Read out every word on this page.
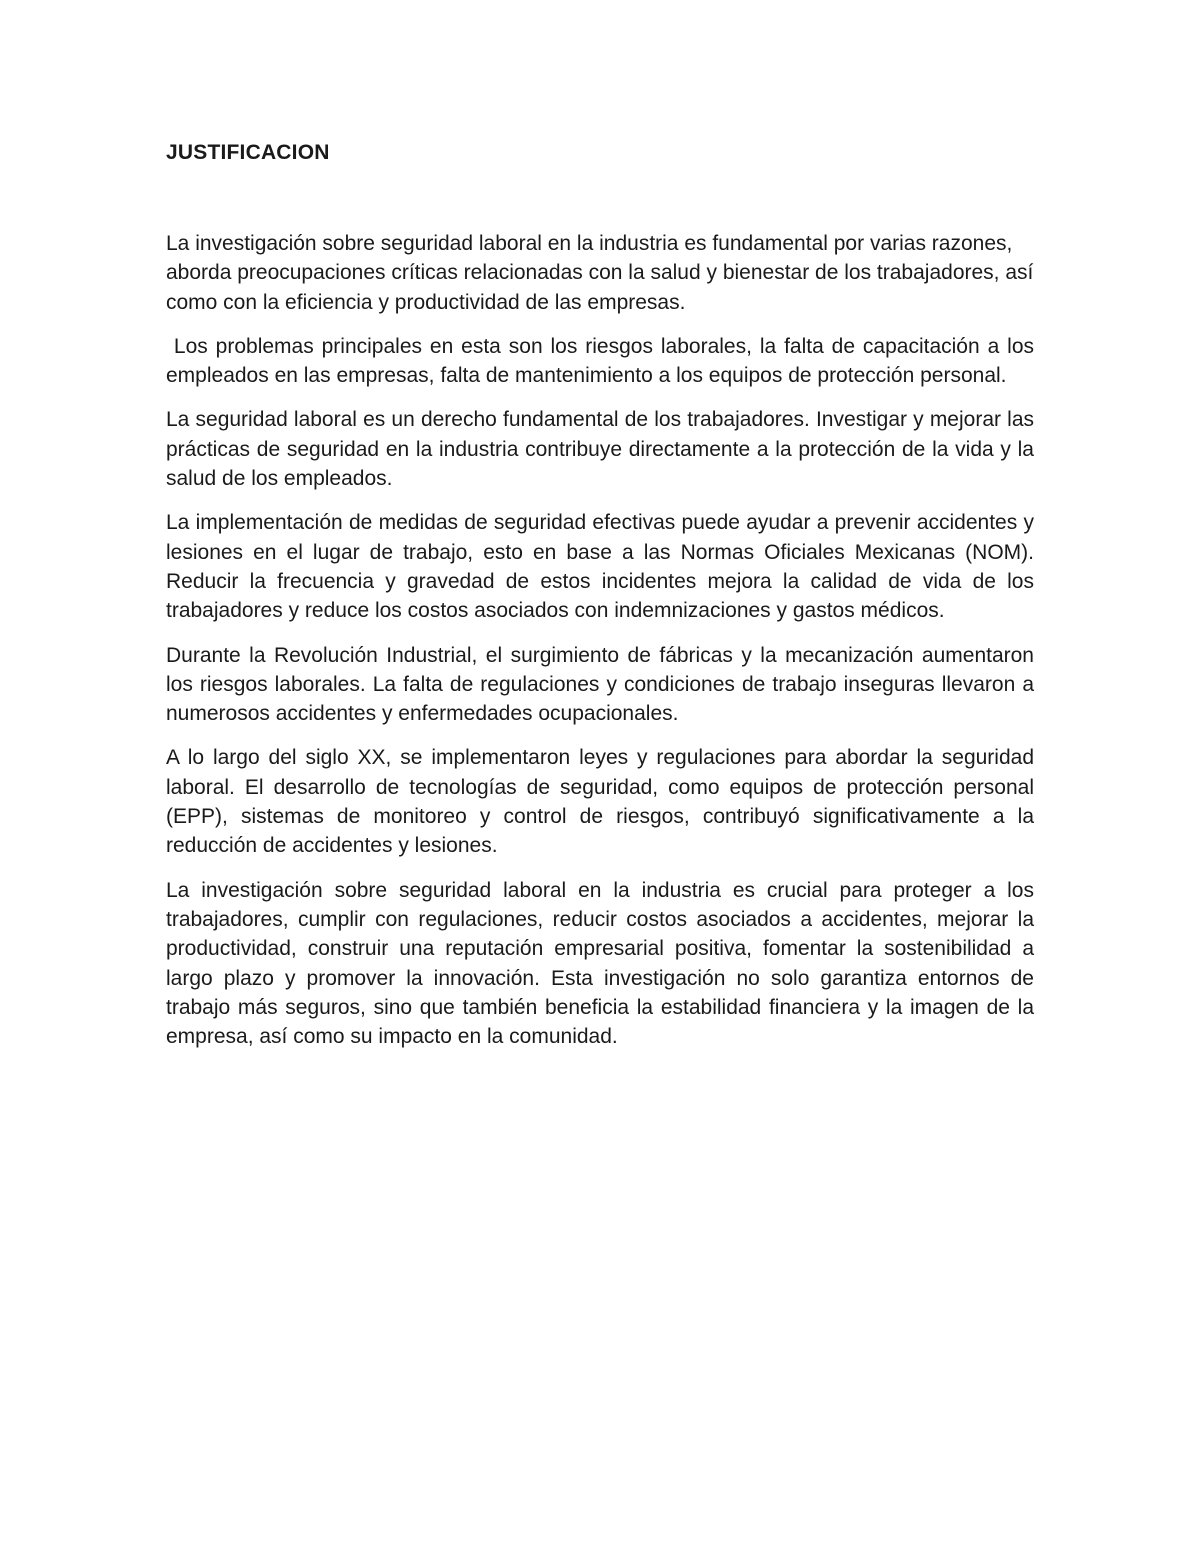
JUSTIFICACION

La investigación sobre seguridad laboral en la industria es fundamental por varias razones, aborda preocupaciones críticas relacionadas con la salud y bienestar de los trabajadores, así como con la eficiencia y productividad de las empresas.

Los problemas principales en esta son los riesgos laborales, la falta de capacitación a los empleados en las empresas, falta de mantenimiento a los equipos de protección personal.

La seguridad laboral es un derecho fundamental de los trabajadores. Investigar y mejorar las prácticas de seguridad en la industria contribuye directamente a la protección de la vida y la salud de los empleados.

La implementación de medidas de seguridad efectivas puede ayudar a prevenir accidentes y lesiones en el lugar de trabajo, esto en base a las Normas Oficiales Mexicanas (NOM). Reducir la frecuencia y gravedad de estos incidentes mejora la calidad de vida de los trabajadores y reduce los costos asociados con indemnizaciones y gastos médicos.

Durante la Revolución Industrial, el surgimiento de fábricas y la mecanización aumentaron los riesgos laborales. La falta de regulaciones y condiciones de trabajo inseguras llevaron a numerosos accidentes y enfermedades ocupacionales.

A lo largo del siglo XX, se implementaron leyes y regulaciones para abordar la seguridad laboral. El desarrollo de tecnologías de seguridad, como equipos de protección personal (EPP), sistemas de monitoreo y control de riesgos, contribuyó significativamente a la reducción de accidentes y lesiones.

La investigación sobre seguridad laboral en la industria es crucial para proteger a los trabajadores, cumplir con regulaciones, reducir costos asociados a accidentes, mejorar la productividad, construir una reputación empresarial positiva, fomentar la sostenibilidad a largo plazo y promover la innovación. Esta investigación no solo garantiza entornos de trabajo más seguros, sino que también beneficia la estabilidad financiera y la imagen de la empresa, así como su impacto en la comunidad.
